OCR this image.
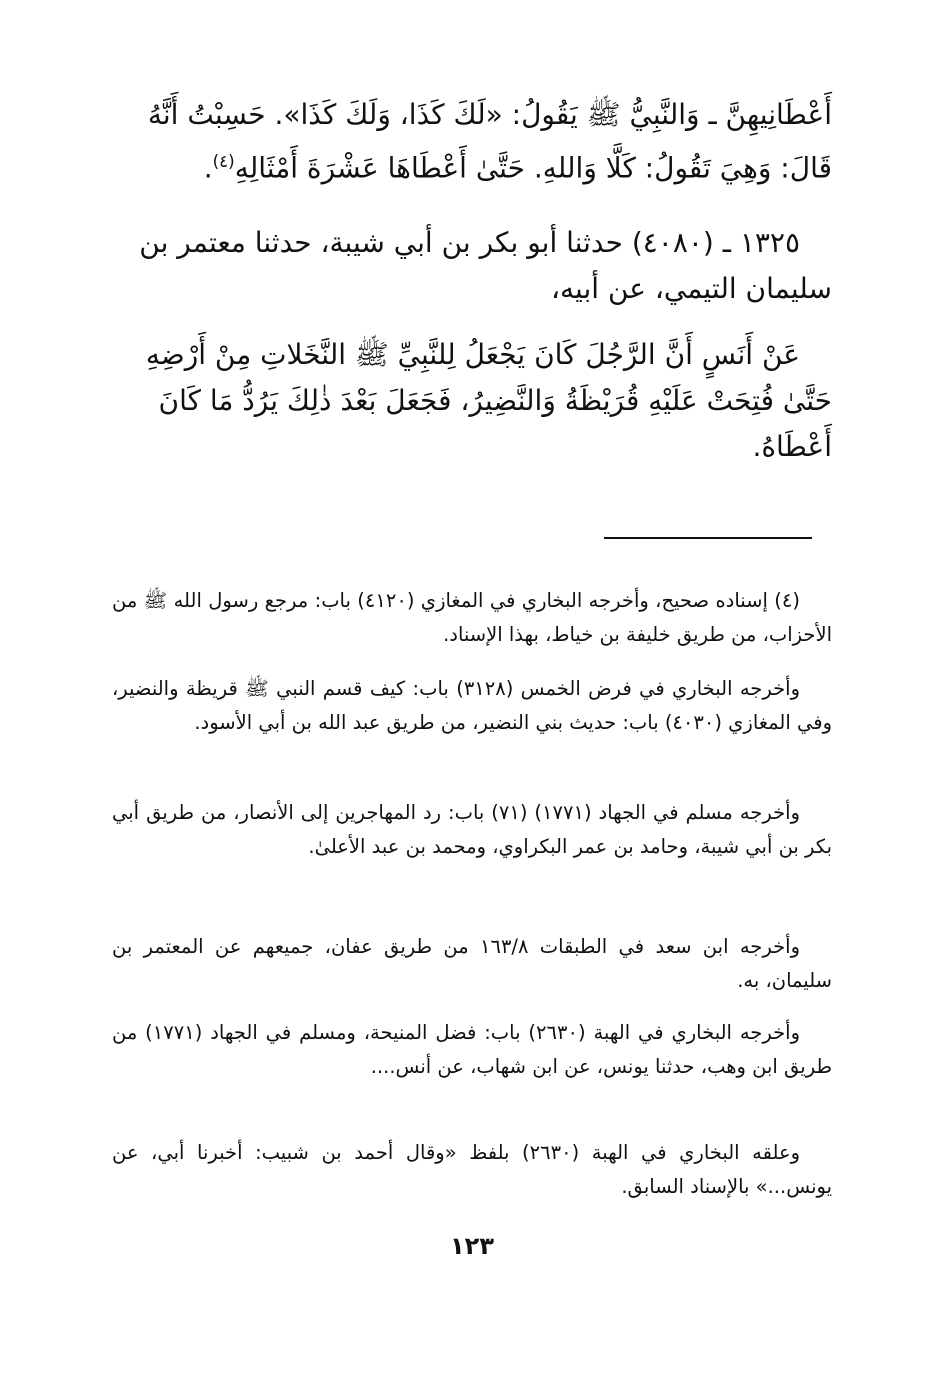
أَعْطَانِيهِنَّ ـ وَالنَّبِيُّ ﷺ يَقُولُ: «لَكَ كَذَا، وَلَكَ كَذَا». حَسِبْتُ أَنَّهُ قَالَ: وَهِيَ تَقُولُ: كَلَّا وَاللهِ. حَتَّىٰ أَعْطَاهَا عَشْرَةَ أَمْثَالِهِ$^{(٤)}$.

١٣٢٥ ـ (٤٠٨٠) حدثنا أبو بكر بن أبي شيبة، حدثنا معتمر بن سليمان التيمي، عن أبيه،

عَنْ أَنَسٍ أَنَّ الرَّجُلَ كَانَ يَجْعَلُ لِلنَّبِيِّ ﷺ النَّخَلاتِ مِنْ أَرْضِهِ حَتَّىٰ فُتِحَتْ عَلَيْهِ قُرَيْظَةُ وَالنَّضِيرُ، فَجَعَلَ بَعْدَ ذٰلِكَ يَرُدُّ مَا كَانَ أَعْطَاهُ.

(٤) إسناده صحيح، وأخرجه البخاري في المغازي (٤١٢٠) باب: مرجع رسول الله ﷺ من الأحزاب، من طريق خليفة بن خياط، بهذا الإسناد.

وأخرجه البخاري في فرض الخمس (٣١٢٨) باب: كيف قسم النبي ﷺ قريظة والنضير، وفي المغازي (٤٠٣٠) باب: حديث بني النضير، من طريق عبد الله بن أبي الأسود.

وأخرجه مسلم في الجهاد (١٧٧١) (٧١) باب: رد المهاجرين إلى الأنصار، من طريق أبي بكر بن أبي شيبة، وحامد بن عمر البكراوي، ومحمد بن عبد الأعلىٰ.

وأخرجه ابن سعد في الطبقات ١٦٣/٨ من طريق عفان، جميعهم عن المعتمر بن سليمان، به.

وأخرجه البخاري في الهبة (٢٦٣٠) باب: فضل المنيحة، ومسلم في الجهاد (١٧٧١) من طريق ابن وهب، حدثنا يونس، عن ابن شهاب، عن أنس....

وعلقه البخاري في الهبة (٢٦٣٠) بلفظ «وقال أحمد بن شبيب: أخبرنا أبي، عن يونس...» بالإسناد السابق.

١٢٣
